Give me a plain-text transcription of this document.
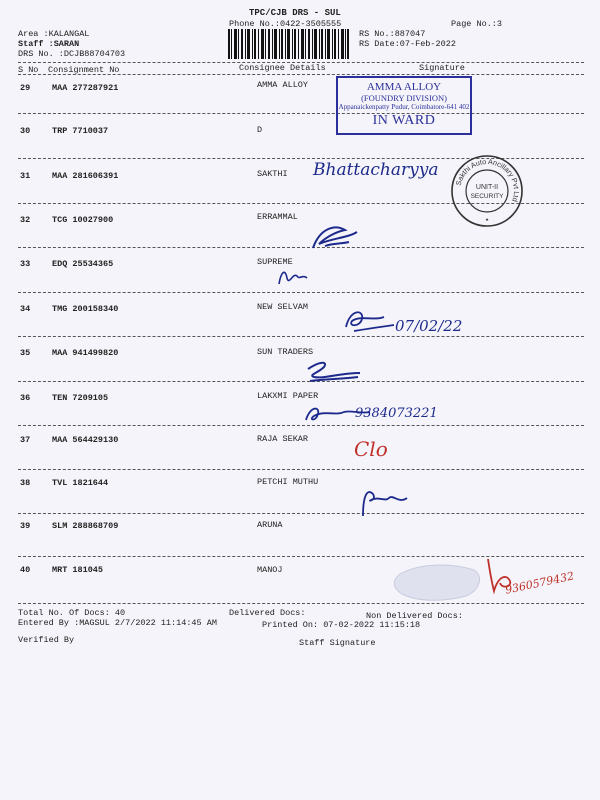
TPC/CJB DRS - SUL
Phone No.:0422-3505555	Page No.:3
Area :KALANGAL
Staff :SARAN
DRS No. :DCJB88704703
RS No.:887047
RS Date:07-Feb-2022
S No Consignment No	Consignee Details	Signature
29	MAA 277287921	AMMA ALLOY
30	TRP 7710037	D
31	MAA 281606391	SAKTHI
32	TCG 10027900	ERRAMMAL
33	EDQ 25534365	SUPREME
34	TMG 200158340	NEW SELVAM
35	MAA 941499820	SUN TRADERS
36	TEN 7209105	LAKXMI PAPER
37	MAA 564429130	RAJA SEKAR
38	TVL 1821644	PETCHI MUTHU
39	SLM 288868709	ARUNA
40	MRT 181045	MANOJ
Total No. Of Docs: 40	Delivered Docs:	Non Delivered Docs:
Entered By :MAGSUL 2/7/2022 11:14:45 AM	Printed On: 07-02-2022 11:15:18
Verified By	Staff Signature
AMMA ALLOY
(FOUNDRY DIVISION)
Appanaickenpatty Pudur, Coimbatore-641 402
IN WARD
Sakthi Auto Ancillary Pvt Ltd
UNIT-II
SECURITY
★
Bhattacharyya
07/02/22
9384073221
Clo
9360579432
